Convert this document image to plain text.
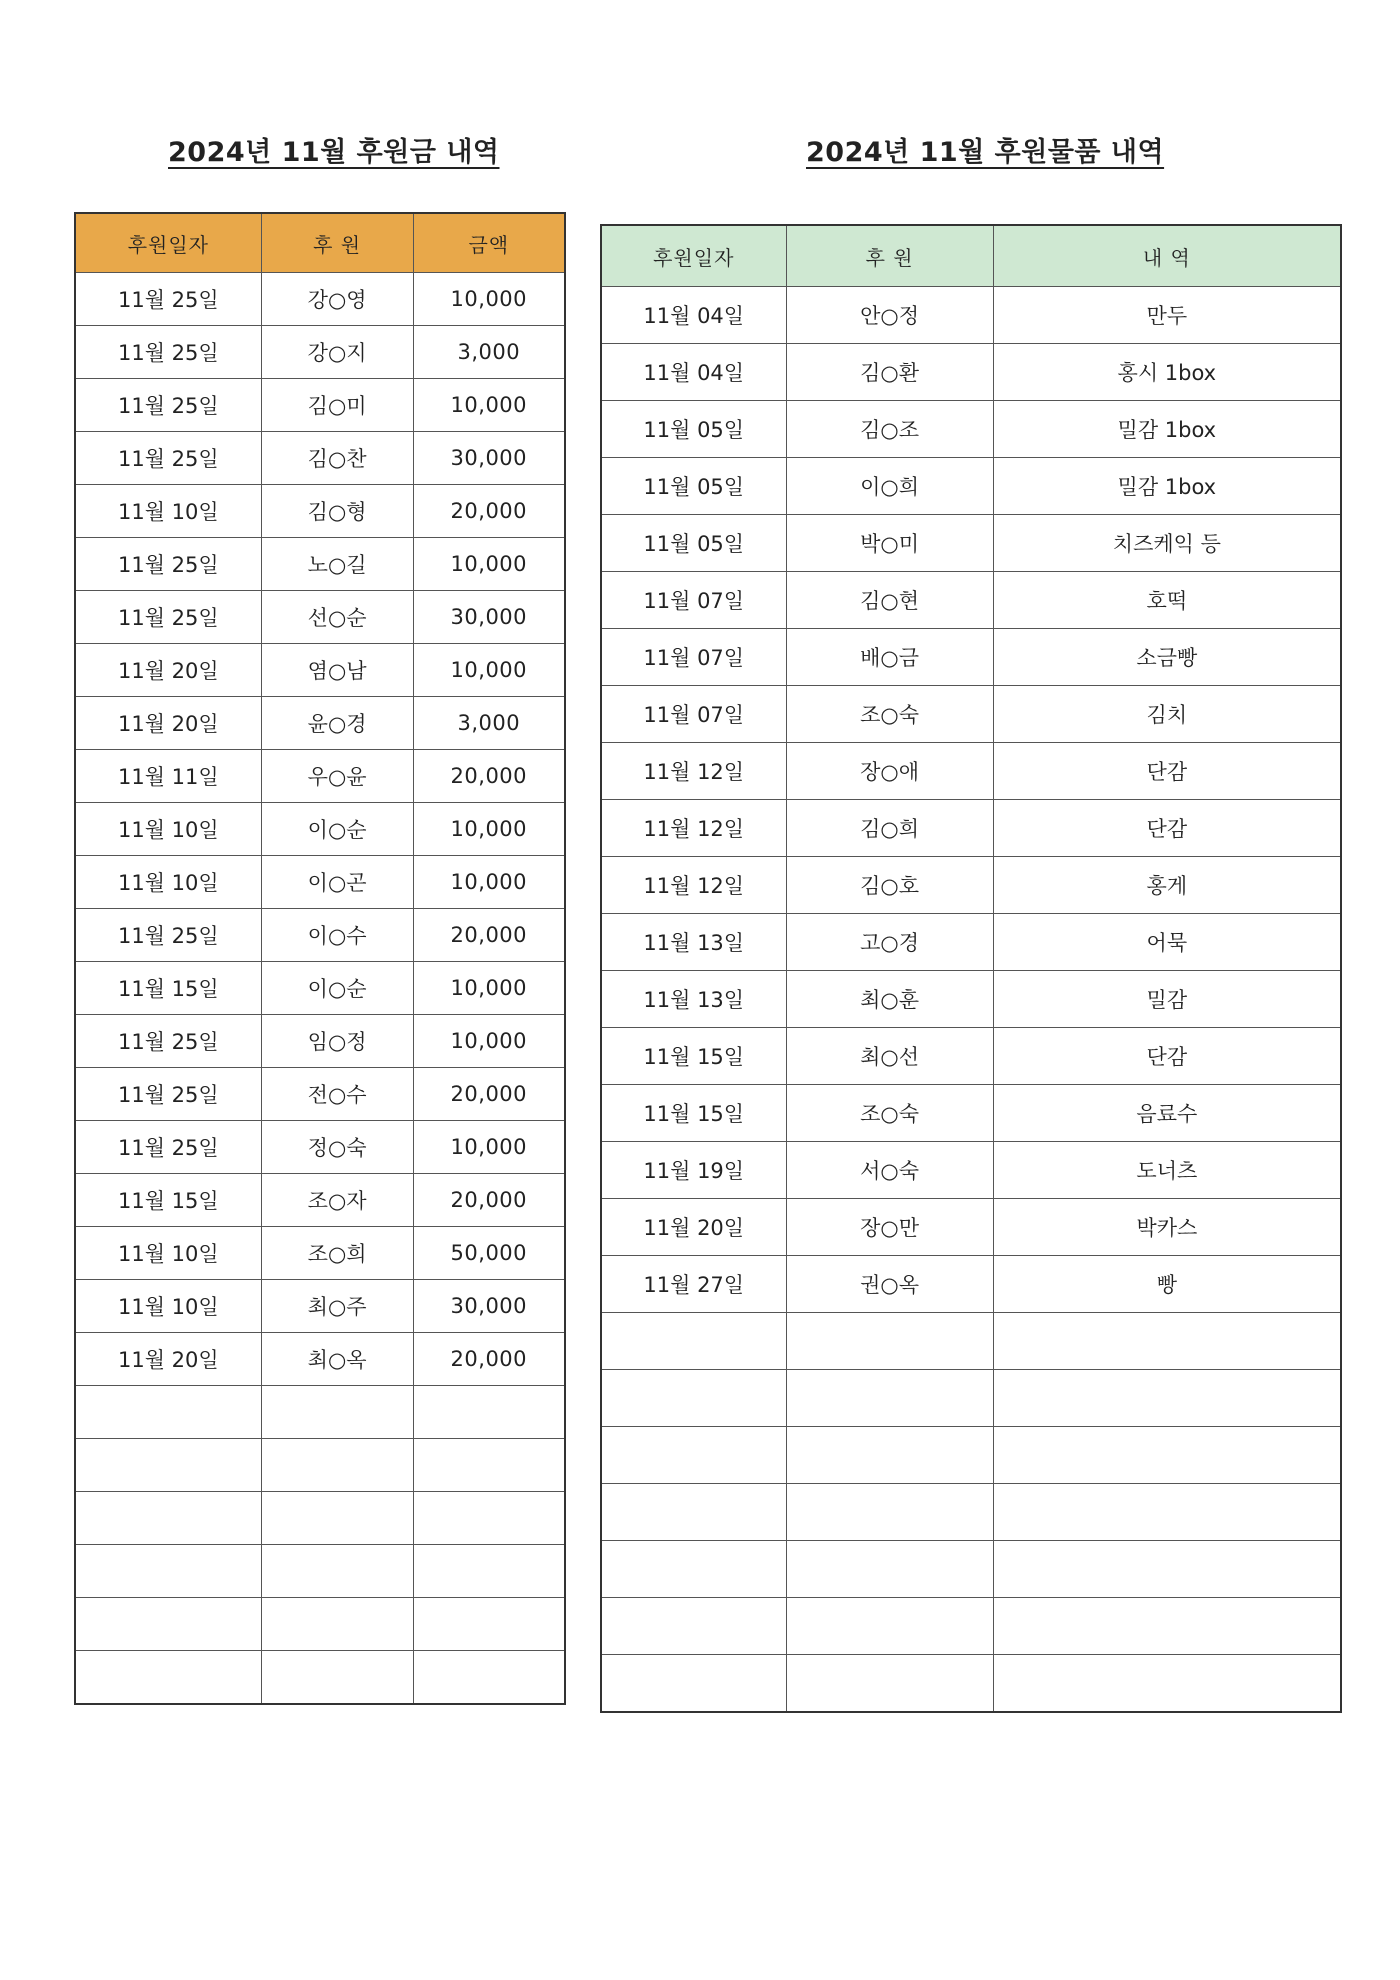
2024년 11월 후원금 내역	2024년 11월 후원물품 내역
후원일자	후 원	금액
11월 25일	강○영	10,000
11월 25일	강○지	3,000
11월 25일	김○미	10,000
11월 25일	김○찬	30,000
11월 10일	김○형	20,000
11월 25일	노○길	10,000
11월 25일	선○순	30,000
11월 20일	염○남	10,000
11월 20일	윤○경	3,000
11월 11일	우○윤	20,000
11월 10일	이○순	10,000
11월 10일	이○곤	10,000
11월 25일	이○수	20,000
11월 15일	이○순	10,000
11월 25일	임○정	10,000
11월 25일	전○수	20,000
11월 25일	정○숙	10,000
11월 15일	조○자	20,000
11월 10일	조○희	50,000
11월 10일	최○주	30,000
11월 20일	최○옥	20,000

후원일자	후 원	내 역
11월 04일	안○정	만두
11월 04일	김○환	홍시 1box
11월 05일	김○조	밀감 1box
11월 05일	이○희	밀감 1box
11월 05일	박○미	치즈케익 등
11월 07일	김○현	호떡
11월 07일	배○금	소금빵
11월 07일	조○숙	김치
11월 12일	장○애	단감
11월 12일	김○희	단감
11월 12일	김○호	홍게
11월 13일	고○경	어묵
11월 13일	최○훈	밀감
11월 15일	최○선	단감
11월 15일	조○숙	음료수
11월 19일	서○숙	도너츠
11월 20일	장○만	박카스
11월 27일	권○옥	빵
